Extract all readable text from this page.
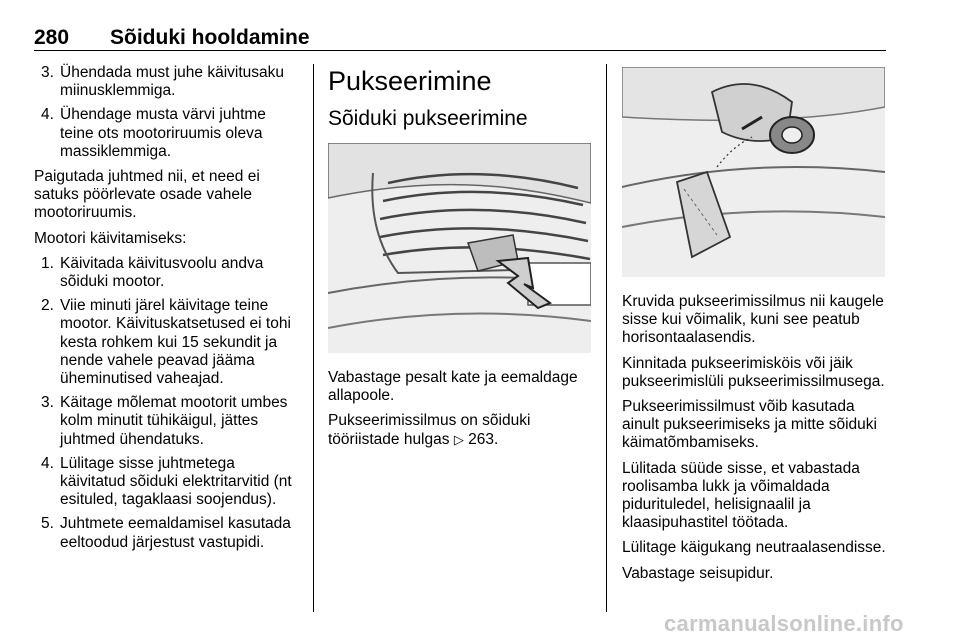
280 Sõiduki hooldamine
3. Ühendada must juhe käivitusaku miinusklemmiga.
4. Ühendage musta värvi juhtme teine ots mootoriruumis oleva massiklemmiga.

Paigutada juhtmed nii, et need ei satuks pöörlevate osade vahele mootoriruumis.

Mootori käivitamiseks:

1. Käivitada käivitusvoolu andva sõiduki mootor.
2. Viie minuti järel käivitage teine mootor. Käivituskatsetused ei tohi kesta rohkem kui 15 sekundit ja nende vahele peavad jääma üheminutised vaheajad.
3. Käitage mõlemat mootorit umbes kolm minutit tühikäigul, jättes juhtmed ühendatuks.
4. Lülitage sisse juhtmetega käivitatud sõiduki elektritarvitid (nt esituled, tagaklaasi soojendus).
5. Juhtmete eemaldamisel kasutada eeltoodud järjestust vastupidi.
Pukseerimine
Sõiduki pukseerimine

Vabastage pesalt kate ja eemaldage allapoole.

Pukseerimissilmus on sõiduki tööriistade hulgas ▷ 263.

Kruvida pukseerimissilmus nii kaugele sisse kui võimalik, kuni see peatub horisontaalasendis.

Kinnitada pukseerimisköis või jäik pukseerimislüli pukseerimissilmusega.

Pukseerimissilmust võib kasutada ainult pukseerimiseks ja mitte sõiduki käimatõmbamiseks.

Lülitada süüde sisse, et vabastada roolisamba lukk ja võimaldada pidurituledel, helisignaalil ja klaasipuhastitel töötada.

Lülitage käigukang neutraalasendisse.

Vabastage seisupidur.

carmanualsonline.info
